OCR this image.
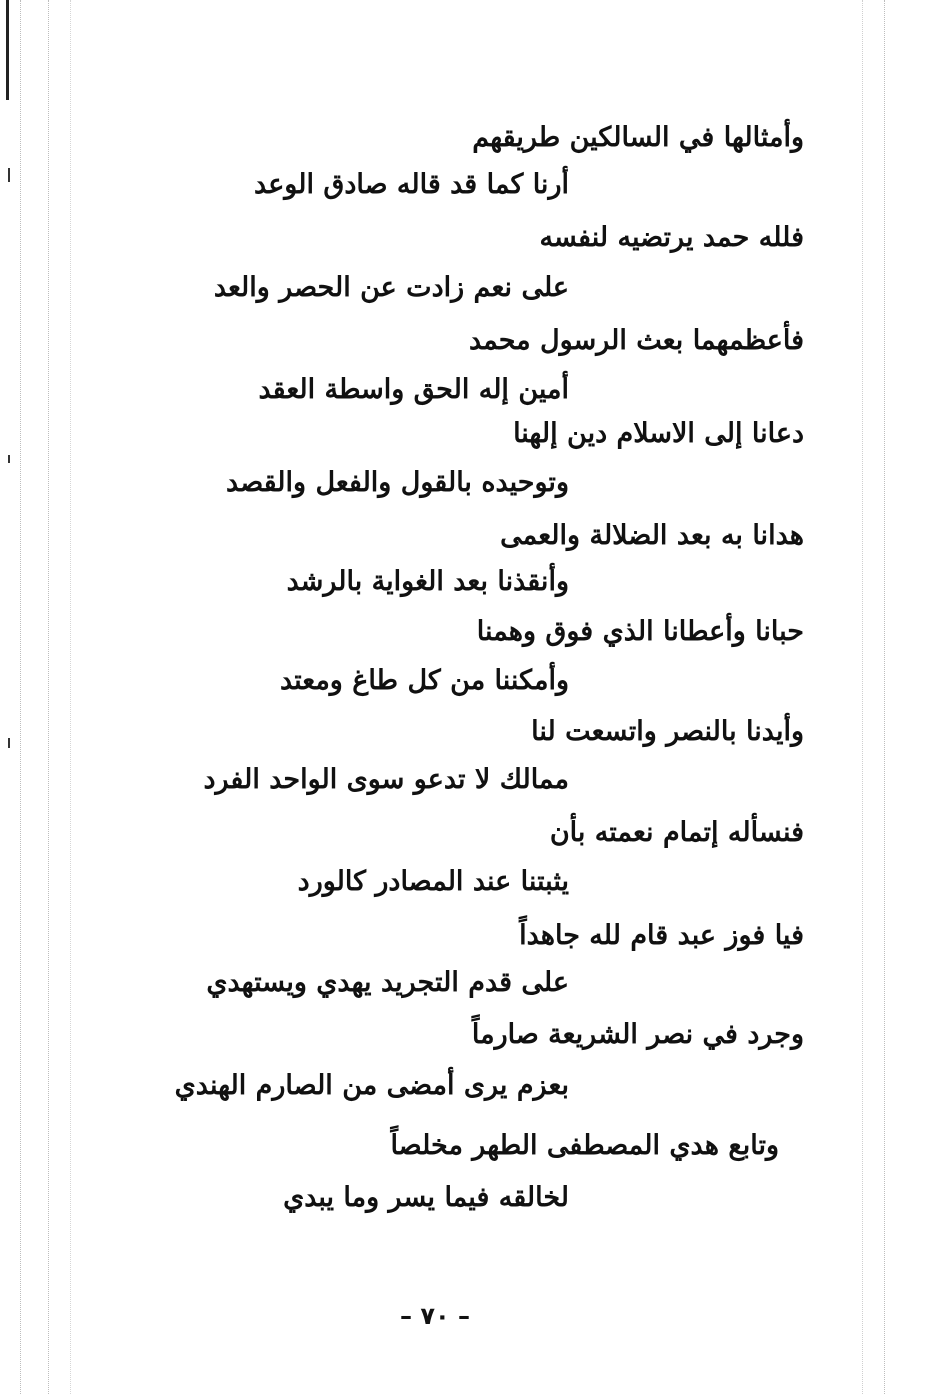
وأمثالها في السالكين طريقهم
أرنا كما قد قاله صادق الوعد
فلله حمد يرتضيه لنفسه
على نعم زادت عن الحصر والعد
فأعظمهما بعث الرسول محمد
أمين إله الحق واسطة العقد
دعانا إلى الاسلام دين إلهنا
وتوحيده بالقول والفعل والقصد
هدانا به بعد الضلالة والعمى
وأنقذنا بعد الغواية بالرشد
حبانا وأعطانا الذي فوق وهمنا
وأمكننا من كل طاغ ومعتد
وأيدنا بالنصر واتسعت لنا
ممالك لا تدعو سوى الواحد الفرد
فنسأله إتمام نعمته بأن
يثبتنا عند المصادر كالورد
فيا فوز عبد قام لله جاهداً
على قدم التجريد يهدي ويستهدي
وجرد في نصر الشريعة صارماً
بعزم يرى أمضى من الصارم الهندي
وتابع هدي المصطفى الطهر مخلصاً
لخالقه فيما يسر وما يبدي
– ٧٠ –
